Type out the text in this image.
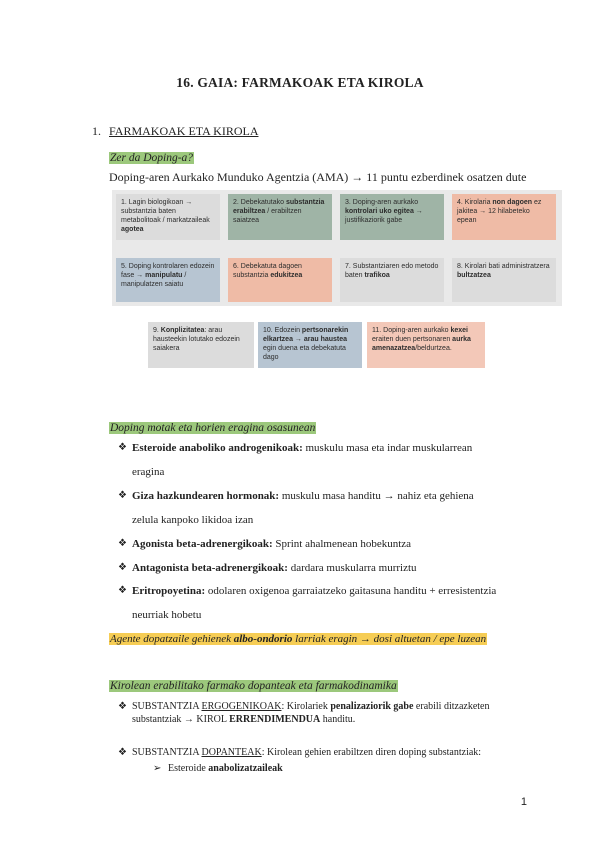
16. GAIA: FARMAKOAK ETA KIROLA
1. FARMAKOAK ETA KIROLA
Zer da Doping-a?
Doping-aren Aurkako Munduko Agentzia (AMA) → 11 puntu ezberdinek osatzen dute
1. Lagin biologikoan → substantzia baten metabolitoak / markatzaileak agotea
2. Debekatutako substantzia erabiltzea / erabiltzen saiatzea
3. Doping-aren aurkako kontrolari uko egitea → justifikaziorik gabe
4. Kirolaria non dagoen ez jakitea → 12 hilabeteko epean
5. Doping kontrolaren edozein fase → manipulatu / manipulatzen saiatu
6. Debekatuta dagoen substantzia edukitzea
7. Substantziaren edo metodo baten trafikoa
8. Kirolari bati administratzera bultzatzea
9. Konplizitatea: arau hausteekin lotutako edozein saiakera
10. Edozein pertsonarekin elkartzea → arau haustea egin duena eta debekatuta dago
11. Doping-aren aurkako kexei eraiten duen pertsonaren aurka amenazatzea/beldurtzea.
Doping motak eta horien eragina osasunean
❖ Esteroide anaboliko androgenikoak: muskulu masa eta indar muskularrean
eragina
❖ Giza hazkundearen hormonak: muskulu masa handitu → nahiz eta gehiena
zelula kanpoko likidoa izan
❖ Agonista beta-adrenergikoak: Sprint ahalmenean hobekuntza
❖ Antagonista beta-adrenergikoak: dardara muskularra murriztu
❖ Eritropoyetina: odolaren oxigenoa garraiatzeko gaitasuna handitu + erresistentzia
neurriak hobetu
Agente dopatzaile gehienek albo-ondorio larriak eragin → dosi altuetan / epe luzean
Kirolean erabilitako farmako dopanteak eta farmakodinamika
❖ SUBSTANTZIA ERGOGENIKOAK: Kirolariek penalizaziorik gabe erabili ditzazketen substantziak → KIROL ERRENDIMENDUA handitu.
❖ SUBSTANTZIA DOPANTEAK: Kirolean gehien erabiltzen diren doping substantziak:
➢ Esteroide anabolizatzaileak
1
